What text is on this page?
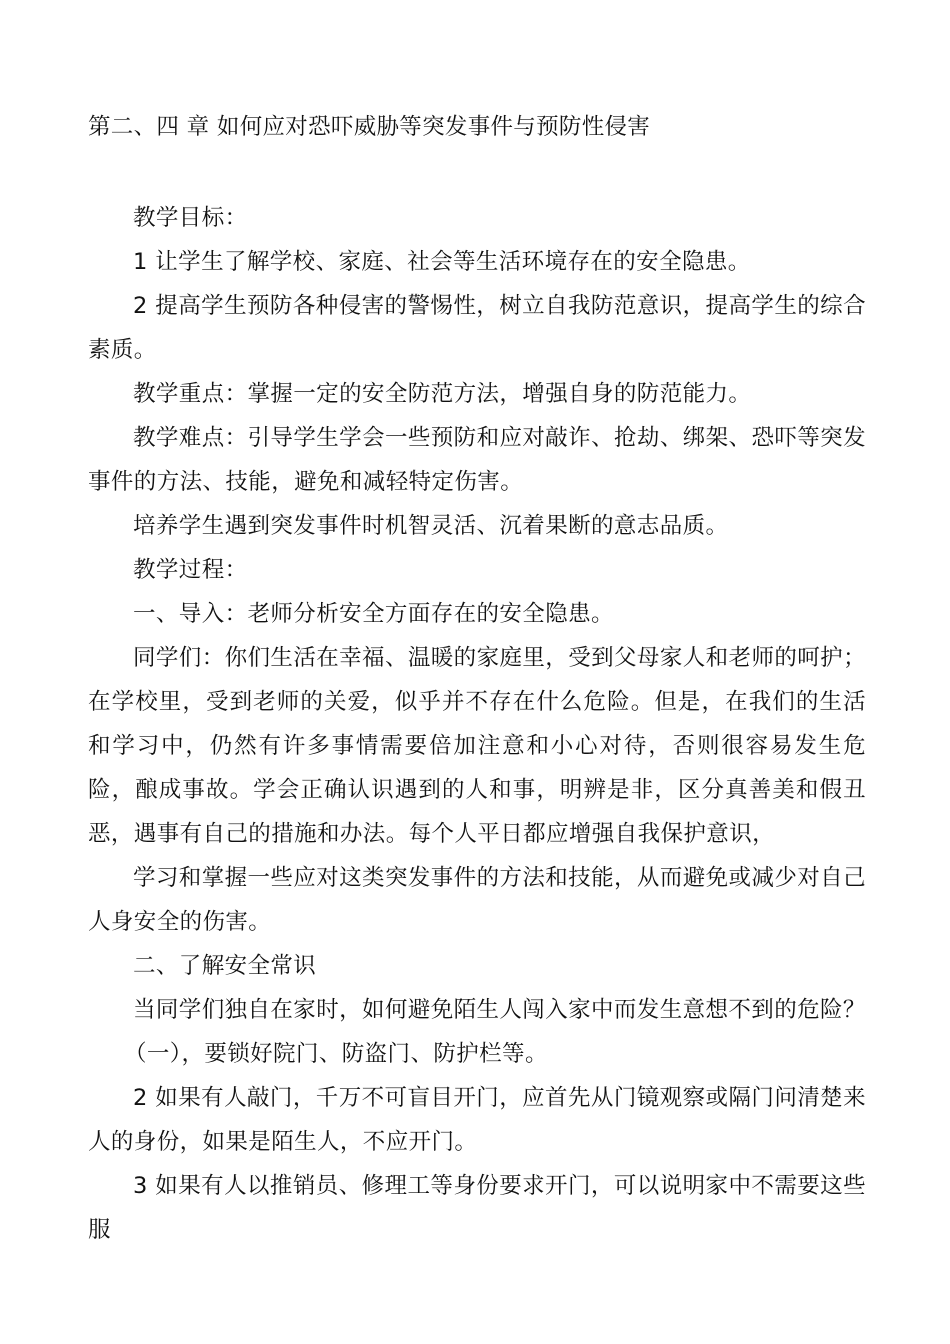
第二、四 章 如何应对恐吓威胁等突发事件与预防性侵害

教学目标：

1 让学生了解学校、家庭、社会等生活环境存在的安全隐患。

2 提高学生预防各种侵害的警惕性，树立自我防范意识，提高学生的综合素质。

教学重点：掌握一定的安全防范方法，增强自身的防范能力。

教学难点：引导学生学会一些预防和应对敲诈、抢劫、绑架、恐吓等突发事件的方法、技能，避免和减轻特定伤害。

培养学生遇到突发事件时机智灵活、沉着果断的意志品质。

教学过程：

一、导入：老师分析安全方面存在的安全隐患。

同学们：你们生活在幸福、温暖的家庭里，受到父母家人和老师的呵护；在学校里，受到老师的关爱，似乎并不存在什么危险。但是，在我们的生活和学习中，仍然有许多事情需要倍加注意和小心对待，否则很容易发生危险，酿成事故。学会正确认识遇到的人和事，明辨是非，区分真善美和假丑恶，遇事有自己的措施和办法。每个人平日都应增强自我保护意识，

学习和掌握一些应对这类突发事件的方法和技能，从而避免或减少对自己人身安全的伤害。

二、了解安全常识

当同学们独自在家时，如何避免陌生人闯入家中而发生意想不到的危险？

（一），要锁好院门、防盗门、防护栏等。

2 如果有人敲门，千万不可盲目开门，应首先从门镜观察或隔门问清楚来人的身份，如果是陌生人，不应开门。

3 如果有人以推销员、修理工等身份要求开门，可以说明家中不需要这些服
